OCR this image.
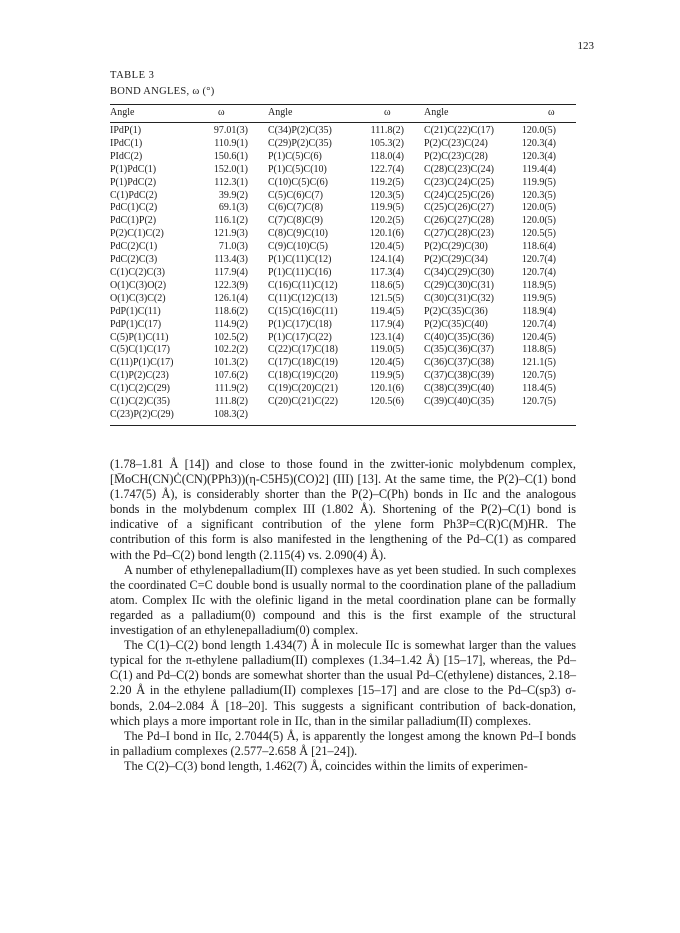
123
TABLE 3
BOND ANGLES, ω (°)
Angle	ω	Angle	ω	Angle	ω
IPdP(1)	97.01(3)	C(34)P(2)C(35)	111.8(2)	C(21)C(22)C(17)	120.0(5)
IPdC(1)	110.9(1)	C(29)P(2)C(35)	105.3(2)	P(2)C(23)C(24)	120.3(4)
PIdC(2)	150.6(1)	P(1)C(5)C(6)	118.0(4)	P(2)C(23)C(28)	120.3(4)
P(1)PdC(1)	152.0(1)	P(1)C(5)C(10)	122.7(4)	C(28)C(23)C(24)	119.4(4)
P(1)PdC(2)	112.3(1)	C(10)C(5)C(6)	119.2(5)	C(23)C(24)C(25)	119.9(5)
C(1)PdC(2)	39.9(2)	C(5)C(6)C(7)	120.3(5)	C(24)C(25)C(26)	120.3(5)
PdC(1)C(2)	69.1(3)	C(6)C(7)C(8)	119.9(5)	C(25)C(26)C(27)	120.0(5)
PdC(1)P(2)	116.1(2)	C(7)C(8)C(9)	120.2(5)	C(26)C(27)C(28)	120.0(5)
P(2)C(1)C(2)	121.9(3)	C(8)C(9)C(10)	120.1(6)	C(27)C(28)C(23)	120.5(5)
PdC(2)C(1)	71.0(3)	C(9)C(10)C(5)	120.4(5)	P(2)C(29)C(30)	118.6(4)
PdC(2)C(3)	113.4(3)	P(1)C(11)C(12)	124.1(4)	P(2)C(29)C(34)	120.7(4)
C(1)C(2)C(3)	117.9(4)	P(1)C(11)C(16)	117.3(4)	C(34)C(29)C(30)	120.7(4)
O(1)C(3)O(2)	122.3(9)	C(16)C(11)C(12)	118.6(5)	C(29)C(30)C(31)	118.9(5)
O(1)C(3)C(2)	126.1(4)	C(11)C(12)C(13)	121.5(5)	C(30)C(31)C(32)	119.9(5)
PdP(1)C(11)	118.6(2)	C(15)C(16)C(11)	119.4(5)	P(2)C(35)C(36)	118.9(4)
PdP(1)C(17)	114.9(2)	P(1)C(17)C(18)	117.9(4)	P(2)C(35)C(40)	120.7(4)
C(5)P(1)C(11)	102.5(2)	P(1)C(17)C(22)	123.1(4)	C(40)C(35)C(36)	120.4(5)
C(5)C(1)C(17)	102.2(2)	C(22)C(17)C(18)	119.0(5)	C(35)C(36)C(37)	118.8(5)
C(11)P(1)C(17)	101.3(2)	C(17)C(18)C(19)	120.4(5)	C(36)C(37)C(38)	121.1(5)
C(1)P(2)C(23)	107.6(2)	C(18)C(19)C(20)	119.9(5)	C(37)C(38)C(39)	120.7(5)
C(1)C(2)C(29)	111.9(2)	C(19)C(20)C(21)	120.1(6)	C(38)C(39)C(40)	118.4(5)
C(1)C(2)C(35)	111.8(2)	C(20)C(21)C(22)	120.5(6)	C(39)C(40)C(35)	120.7(5)
C(23)P(2)C(29)	108.3(2)				

(1.78–1.81 Å [14]) and close to those found in the zwitter-ionic molybdenum complex, [M̄oCH(CN)Ċ(CN)(PPh3))(η-C5H5)(CO)2] (III) [13]. At the same time, the P(2)–C(1) bond (1.747(5) Å), is considerably shorter than the P(2)–C(Ph) bonds in IIc and the analogous bonds in the molybdenum complex III (1.802 Å). Shortening of the P(2)–C(1) bond is indicative of a significant contribution of the ylene form Ph3P=C(R)C(M)HR. The contribution of this form is also manifested in the lengthening of the Pd–C(1) as compared with the Pd–C(2) bond length (2.115(4) vs. 2.090(4) Å).

A number of ethylenepalladium(II) complexes have as yet been studied. In such complexes the coordinated C=C double bond is usually normal to the coordination plane of the palladium atom. Complex IIc with the olefinic ligand in the metal coordination plane can be formally regarded as a palladium(0) compound and this is the first example of the structural investigation of an ethylenepalladium(0) complex.

The C(1)–C(2) bond length 1.434(7) Å in molecule IIc is somewhat larger than the values typical for the π-ethylene palladium(II) complexes (1.34–1.42 Å) [15–17], whereas, the Pd–C(1) and Pd–C(2) bonds are somewhat shorter than the usual Pd–C(ethylene) distances, 2.18–2.20 Å in the ethylene palladium(II) complexes [15–17] and are close to the Pd–C(sp3) σ-bonds, 2.04–2.084 Å [18–20]. This suggests a significant contribution of back-donation, which plays a more important role in IIc, than in the similar palladium(II) complexes.

The Pd–I bond in IIc, 2.7044(5) Å, is apparently the longest among the known Pd–I bonds in palladium complexes (2.577–2.658 Å [21–24]).

The C(2)–C(3) bond length, 1.462(7) Å, coincides within the limits of experimen-
